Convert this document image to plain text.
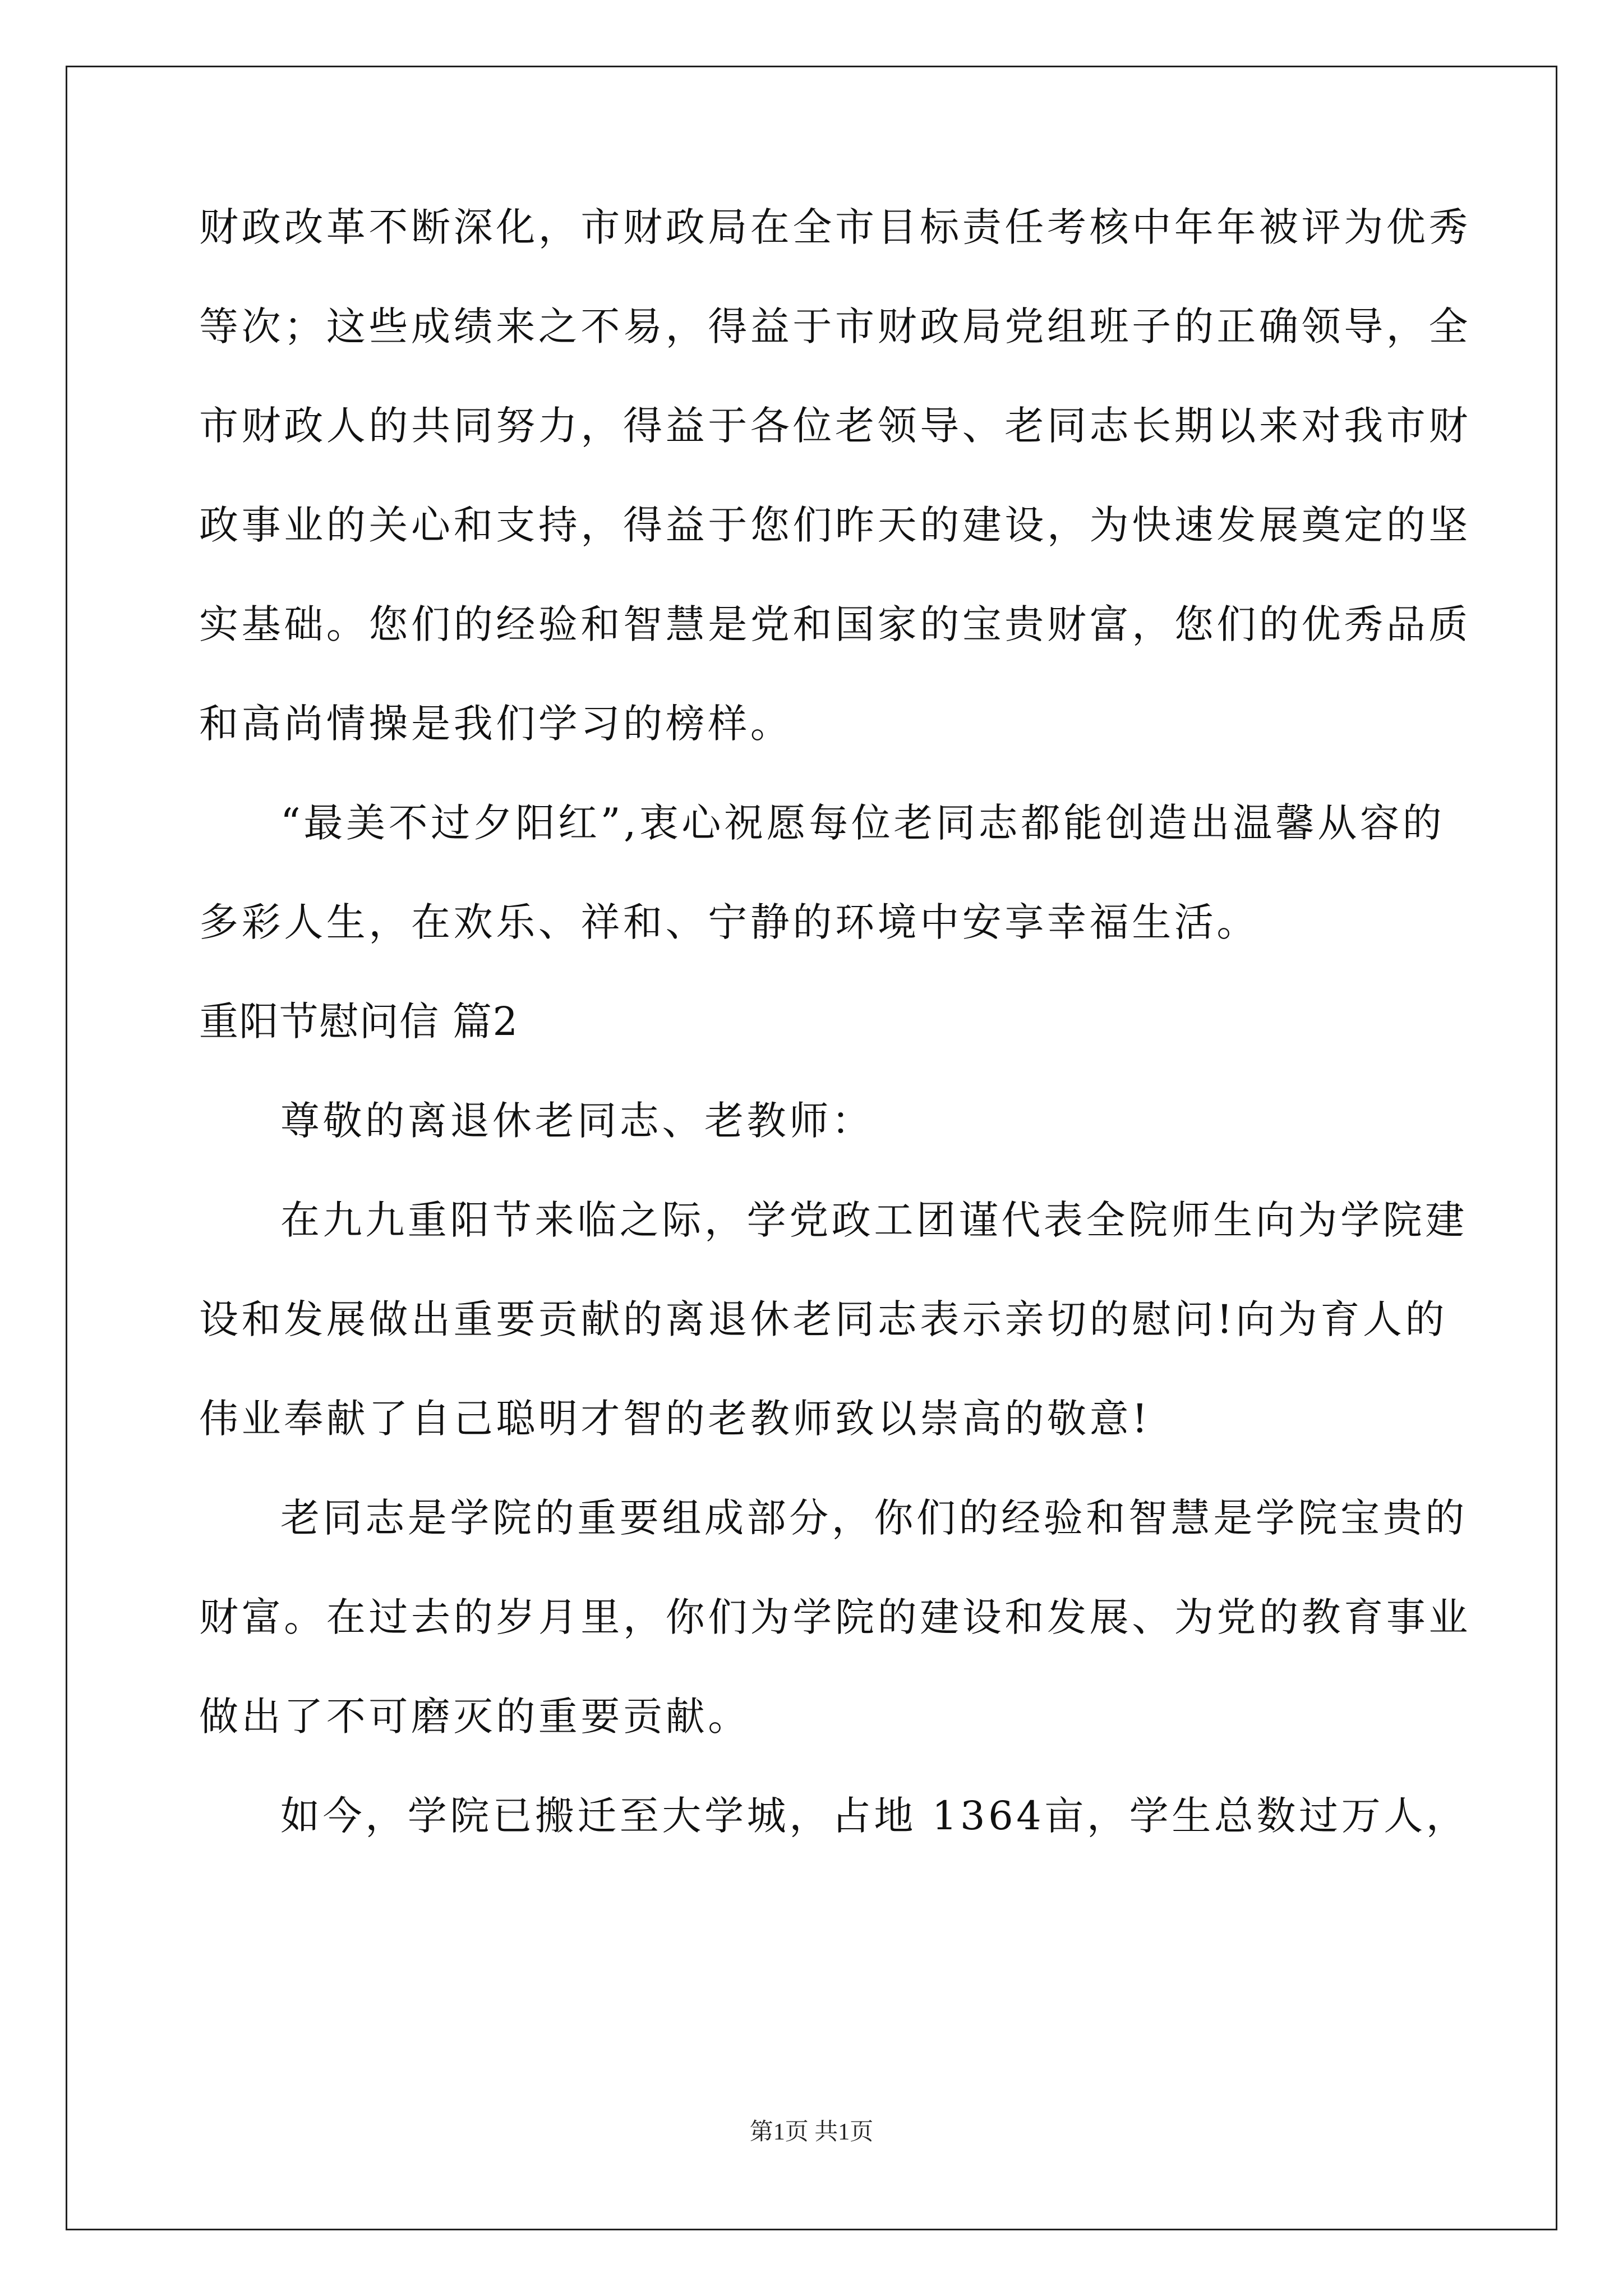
财政改革不断深化，市财政局在全市目标责任考核中年年被评为优秀
等次；这些成绩来之不易，得益于市财政局党组班子的正确领导，全
市财政人的共同努力，得益于各位老领导、老同志长期以来对我市财
政事业的关心和支持，得益于您们昨天的建设，为快速发展奠定的坚
实基础。您们的经验和智慧是党和国家的宝贵财富，您们的优秀品质
和高尚情操是我们学习的榜样。
“最美不过夕阳红”,衷心祝愿每位老同志都能创造出温馨从容的
多彩人生，在欢乐、祥和、宁静的环境中安享幸福生活。
重阳节慰问信 篇2
尊敬的离退休老同志、老教师：
在九九重阳节来临之际，学党政工团谨代表全院师生向为学院建
设和发展做出重要贡献的离退休老同志表示亲切的慰问!向为育人的
伟业奉献了自己聪明才智的老教师致以崇高的敬意!
老同志是学院的重要组成部分，你们的经验和智慧是学院宝贵的
财富。在过去的岁月里，你们为学院的建设和发展、为党的教育事业
做出了不可磨灭的重要贡献。
如今，学院已搬迁至大学城，占地 1364亩，学生总数过万人，
第1页 共1页
